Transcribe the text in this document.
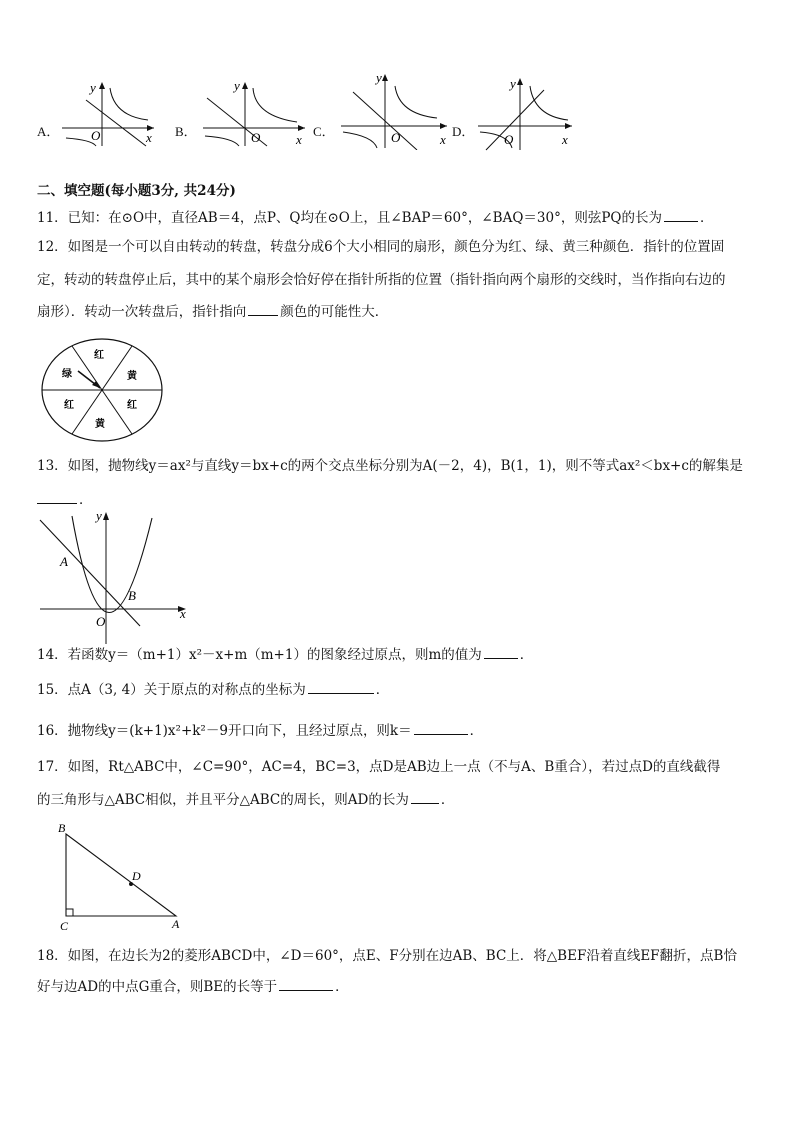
A．
y
x
O	B．
y
x
O	C．
y
x
O	D．
y
x
O
二、填空题(每小题3分, 共24分)
11．已知：在⊙O中，直径AB＝4，点P、Q均在⊙O上，且∠BAP＝60°，∠BAQ＝30°，则弦PQ的长为	．
12．如图是一个可以自由转动的转盘，转盘分成6个大小相同的扇形，颜色分为红、绿、黄三种颜色．指针的位置固
定，转动的转盘停止后，其中的某个扇形会恰好停在指针所指的位置（指针指向两个扇形的交线时，当作指向右边的
扇形）．转动一次转盘后，指针指向	颜色的可能性大．
红
黄
红
黄
红
绿
13．如图，抛物线y＝ax²与直线y＝bx+c的两个交点坐标分别为A(－2，4)，B(1，1)，则不等式ax²＜bx+c的解集是
．
y
x
O
A
B
14．若函数y＝（m+1）x²－x+m（m+1）的图象经过原点，则m的值为	．
15．点A（3, 4）关于原点的对称点的坐标为	．
16．抛物线y＝(k+1)x²+k²－9开口向下，且经过原点，则k＝	．
17．如图，Rt△ABC中，∠C=90°，AC=4，BC=3，点D是AB边上一点（不与A、B重合），若过点D的直线截得
的三角形与△ABC相似，并且平分△ABC的周长，则AD的长为 ．
B
C	A
D
18．如图，在边长为2的菱形ABCD中，∠D＝60°，点E、F分别在边AB、BC上．将△BEF沿着直线EF翻折，点B恰
好与边AD的中点G重合，则BE的长等于	．
